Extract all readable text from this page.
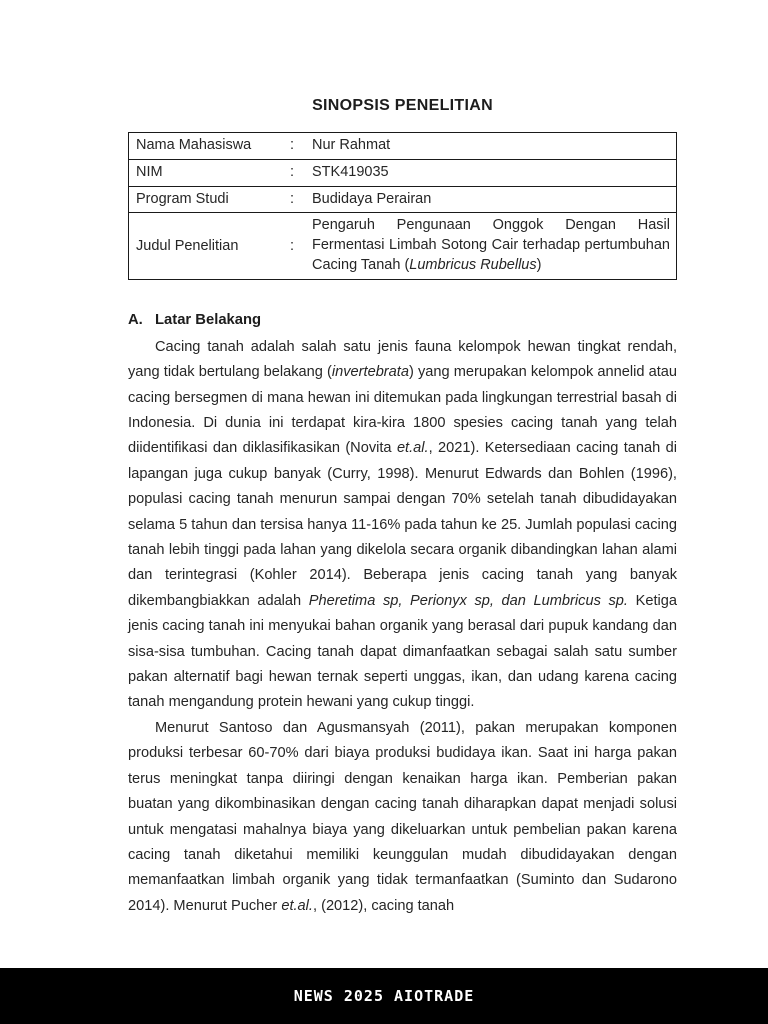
SINOPSIS PENELITIAN
Nama Mahasiswa	:	Nur Rahmat
NIM	:	STK419035
Program Studi	:	Budidaya Perairan
Judul Penelitian	:	Pengaruh Pengunaan Onggok Dengan Hasil Fermentasi Limbah Sotong Cair terhadap pertumbuhan Cacing Tanah (Lumbricus Rubellus)
A. Latar Belakang

Cacing tanah adalah salah satu jenis fauna kelompok hewan tingkat rendah, yang tidak bertulang belakang (invertebrata) yang merupakan kelompok annelid atau cacing bersegmen di mana hewan ini ditemukan pada lingkungan terrestrial basah di Indonesia. Di dunia ini terdapat kira-kira 1800 spesies cacing tanah yang telah diidentifikasi dan diklasifikasikan (Novita et.al., 2021). Ketersediaan cacing tanah di lapangan juga cukup banyak (Curry, 1998). Menurut Edwards dan Bohlen (1996), populasi cacing tanah menurun sampai dengan 70% setelah tanah dibudidayakan selama 5 tahun dan tersisa hanya 11-16% pada tahun ke 25. Jumlah populasi cacing tanah lebih tinggi pada lahan yang dikelola secara organik dibandingkan lahan alami dan terintegrasi (Kohler 2014). Beberapa jenis cacing tanah yang banyak dikembangbiakkan adalah Pheretima sp, Perionyx sp, dan Lumbricus sp. Ketiga jenis cacing tanah ini menyukai bahan organik yang berasal dari pupuk kandang dan sisa-sisa tumbuhan. Cacing tanah dapat dimanfaatkan sebagai salah satu sumber pakan alternatif bagi hewan ternak seperti unggas, ikan, dan udang karena cacing tanah mengandung protein hewani yang cukup tinggi.

Menurut Santoso dan Agusmansyah (2011), pakan merupakan komponen produksi terbesar 60-70% dari biaya produksi budidaya ikan. Saat ini harga pakan terus meningkat tanpa diiringi dengan kenaikan harga ikan. Pemberian pakan buatan yang dikombinasikan dengan cacing tanah diharapkan dapat menjadi solusi untuk mengatasi mahalnya biaya yang dikeluarkan untuk pembelian pakan karena cacing tanah diketahui memiliki keunggulan mudah dibudidayakan dengan memanfaatkan limbah organik yang tidak termanfaatkan (Suminto dan Sudarono 2014). Menurut Pucher et.al., (2012), cacing tanah

NEWS 2025 AIOTRADE
